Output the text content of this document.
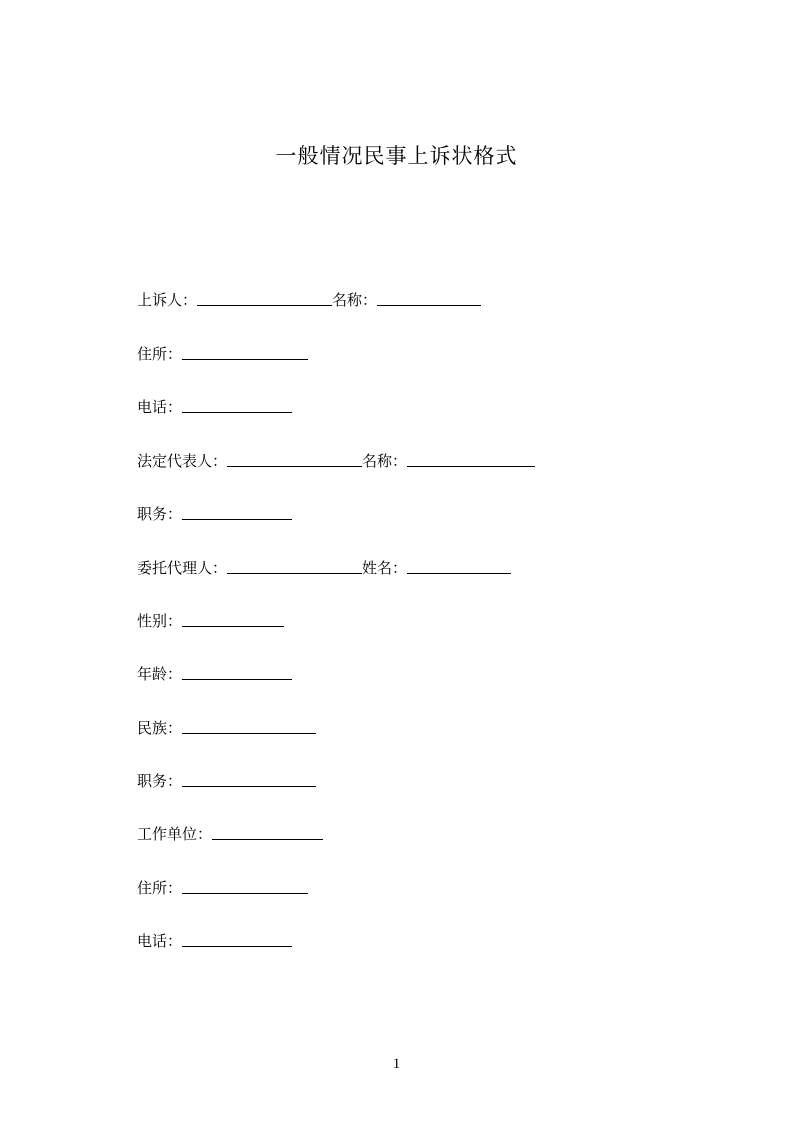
一般情况民事上诉状格式
上诉人：	名称：
住所：
电话：
法定代表人：	名称：
职务：
委托代理人：	姓名：
性别：
年龄：
民族：
职务：
工作单位：
住所：
电话：
1
